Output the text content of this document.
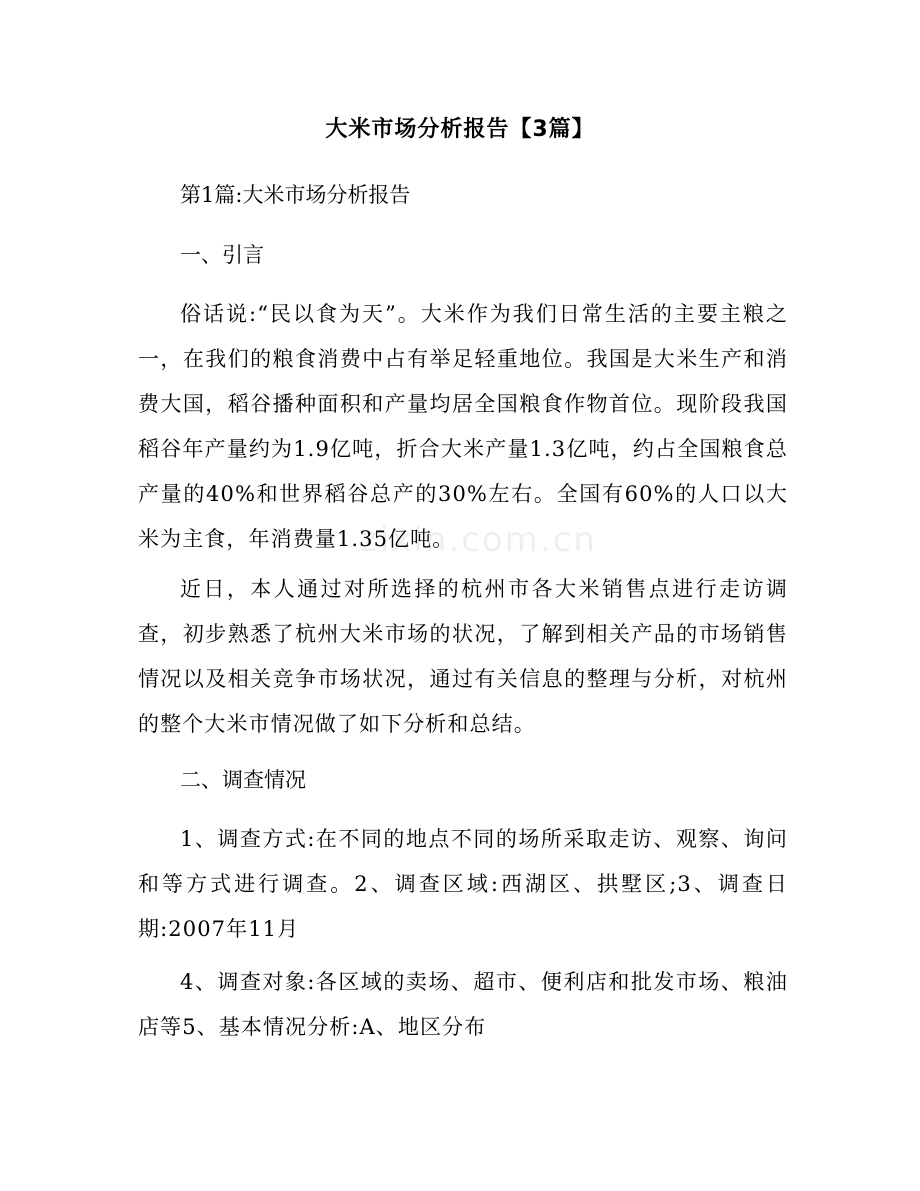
大米市场分析报告【3篇】

第1篇:大米市场分析报告

一、引言

俗话说:“民以食为天”。大米作为我们日常生活的主要主粮之一，在我们的粮食消费中占有举足轻重地位。我国是大米生产和消费大国，稻谷播种面积和产量均居全国粮食作物首位。现阶段我国稻谷年产量约为1.9亿吨，折合大米产量1.3亿吨，约占全国粮食总产量的40%和世界稻谷总产的30%左右。全国有60%的人口以大米为主食，年消费量1.35亿吨。

近日，本人通过对所选择的杭州市各大米销售点进行走访调查，初步熟悉了杭州大米市场的状况，了解到相关产品的市场销售情况以及相关竞争市场状况，通过有关信息的整理与分析，对杭州的整个大米市情况做了如下分析和总结。

二、调查情况

1、调查方式:在不同的地点不同的场所采取走访、观察、询问和等方式进行调查。2、调查区域:西湖区、拱墅区;3、调查日期:2007年11月

4、调查对象:各区域的卖场、超市、便利店和批发市场、粮油店等5、基本情况分析:A、地区分布

zixin.com.cn
